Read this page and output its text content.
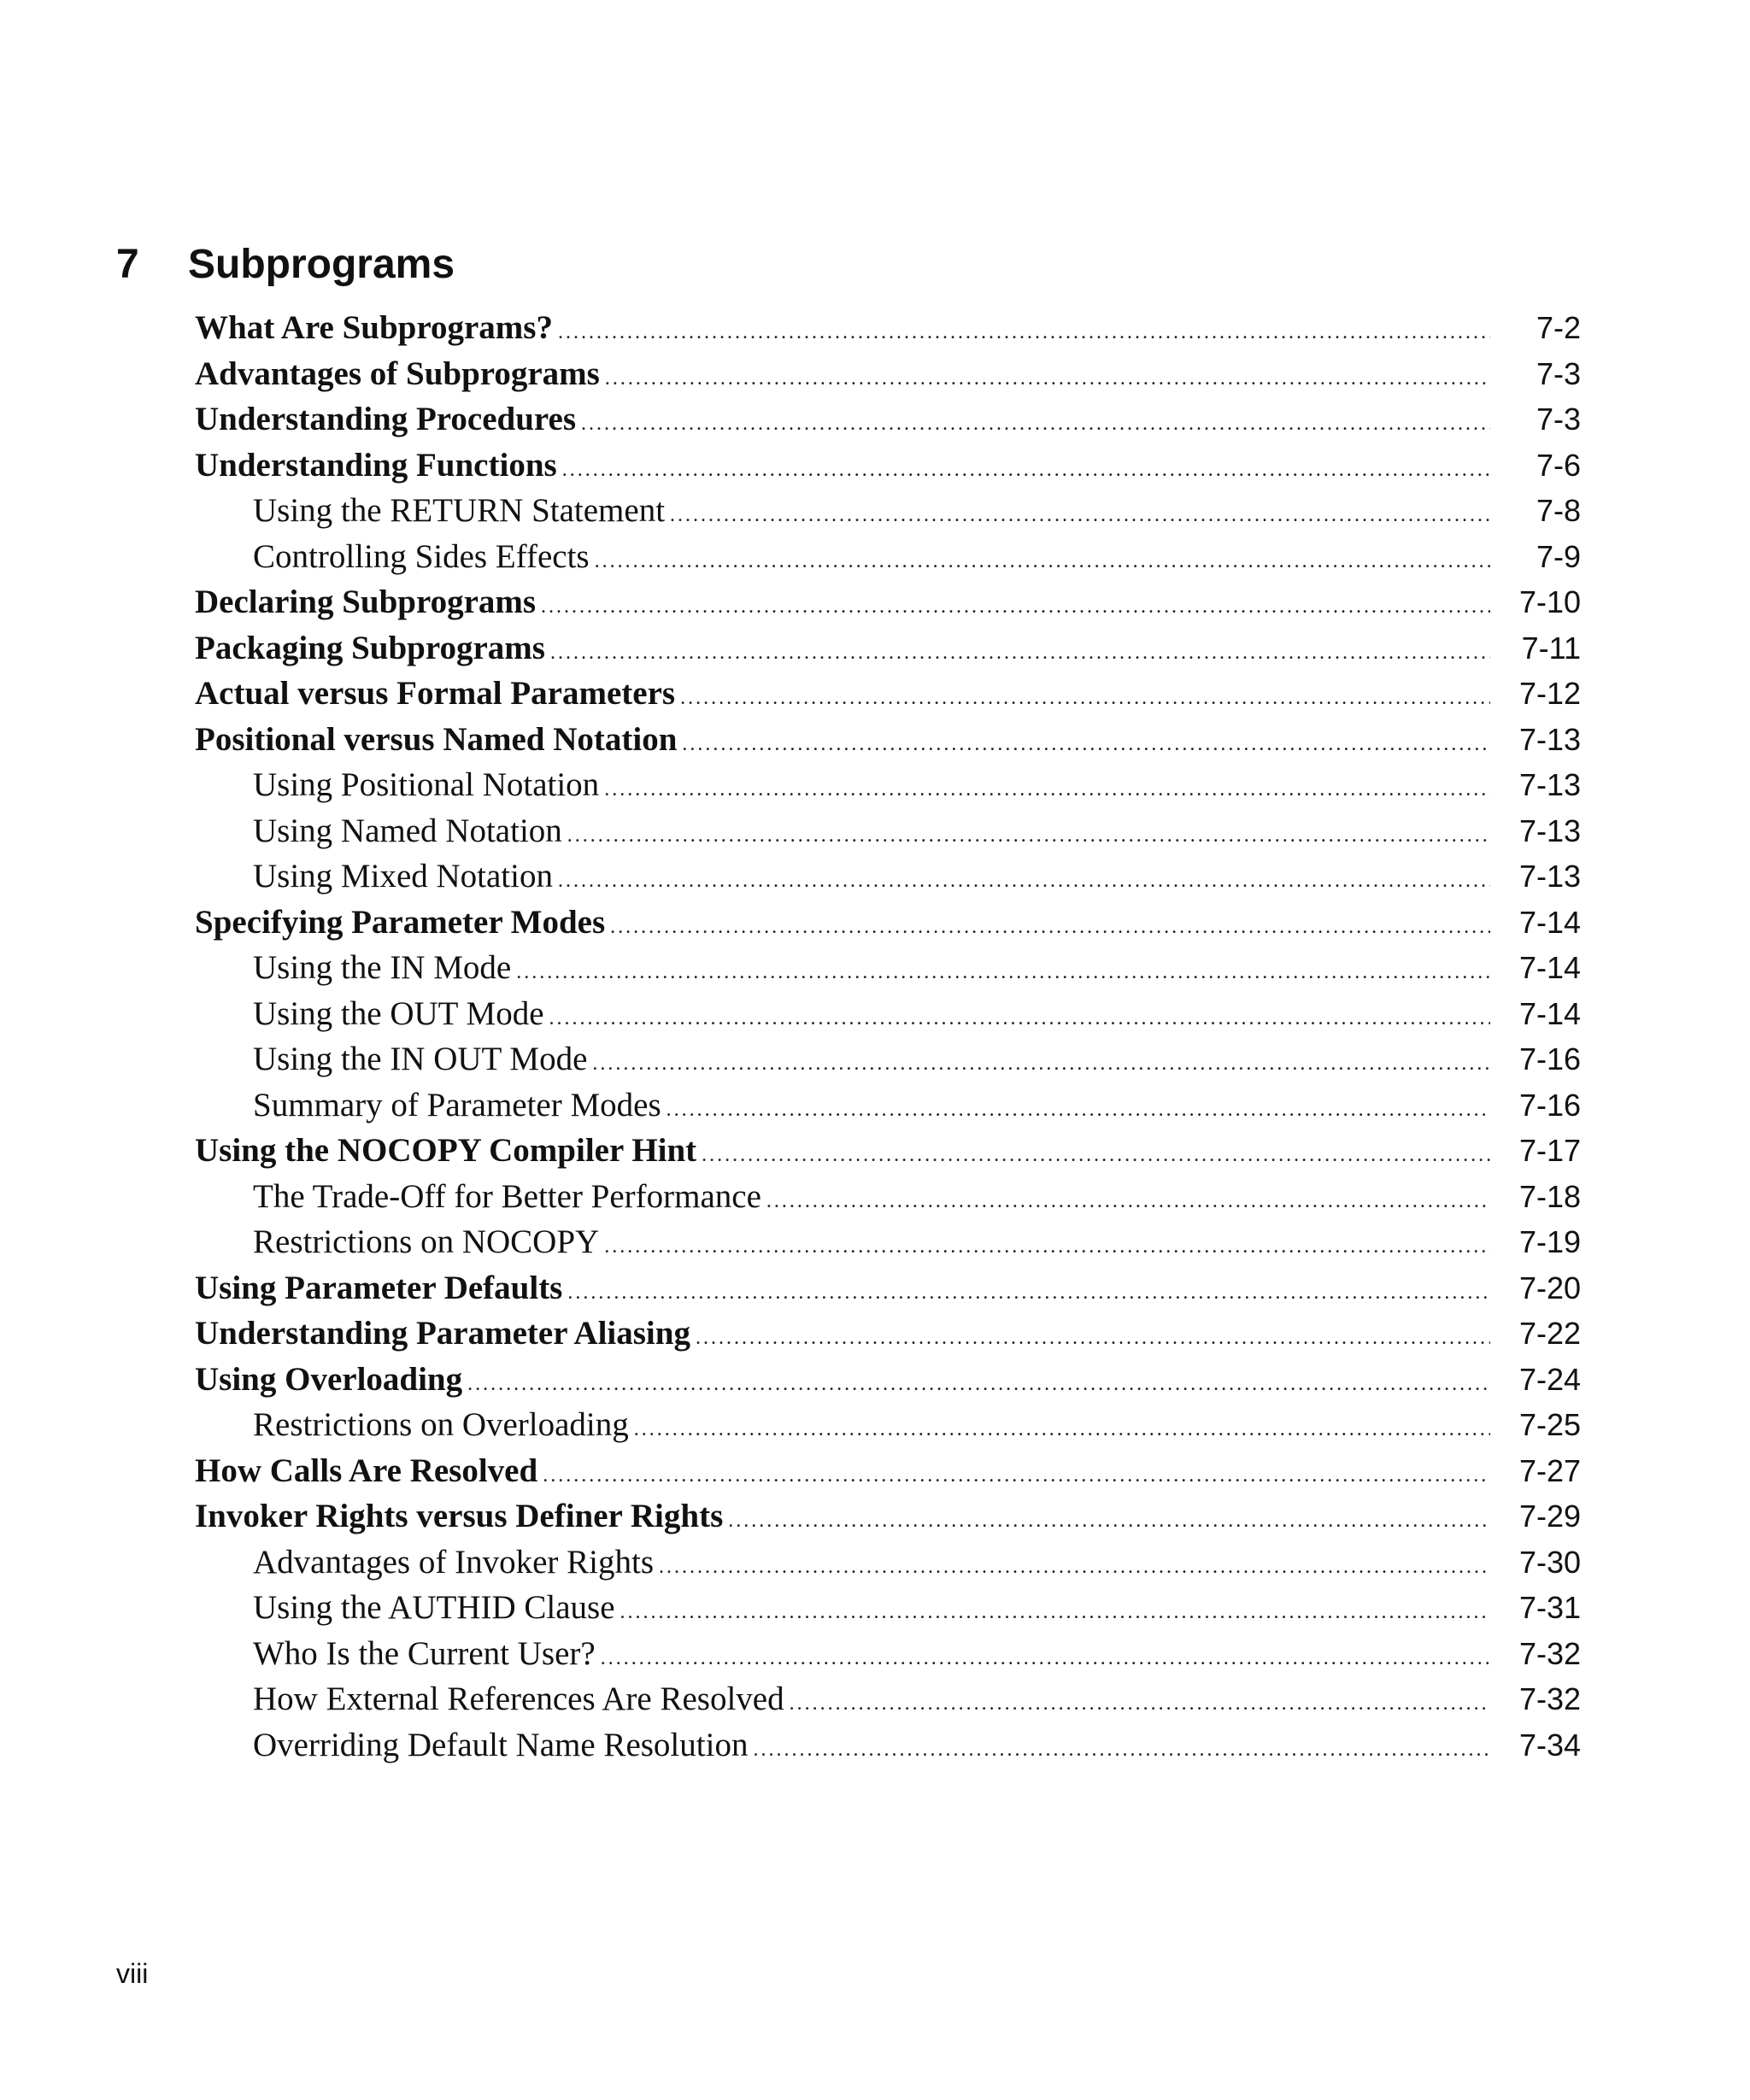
7 Subprograms
What Are Subprograms? .....	7-2
Advantages of Subprograms .....	7-3
Understanding Procedures .....	7-3
Understanding Functions .....	7-6
Using the RETURN Statement .....	7-8
Controlling Sides Effects .....	7-9
Declaring Subprograms .....	7-10
Packaging Subprograms .....	7-11
Actual versus Formal Parameters .....	7-12
Positional versus Named Notation .....	7-13
Using Positional Notation .....	7-13
Using Named Notation .....	7-13
Using Mixed Notation .....	7-13
Specifying Parameter Modes .....	7-14
Using the IN Mode .....	7-14
Using the OUT Mode .....	7-14
Using the IN OUT Mode .....	7-16
Summary of Parameter Modes .....	7-16
Using the NOCOPY Compiler Hint .....	7-17
The Trade-Off for Better Performance .....	7-18
Restrictions on NOCOPY .....	7-19
Using Parameter Defaults .....	7-20
Understanding Parameter Aliasing .....	7-22
Using Overloading .....	7-24
Restrictions on Overloading .....	7-25
How Calls Are Resolved .....	7-27
Invoker Rights versus Definer Rights .....	7-29
Advantages of Invoker Rights .....	7-30
Using the AUTHID Clause .....	7-31
Who Is the Current User? .....	7-32
How External References Are Resolved .....	7-32
Overriding Default Name Resolution .....	7-34
viii
